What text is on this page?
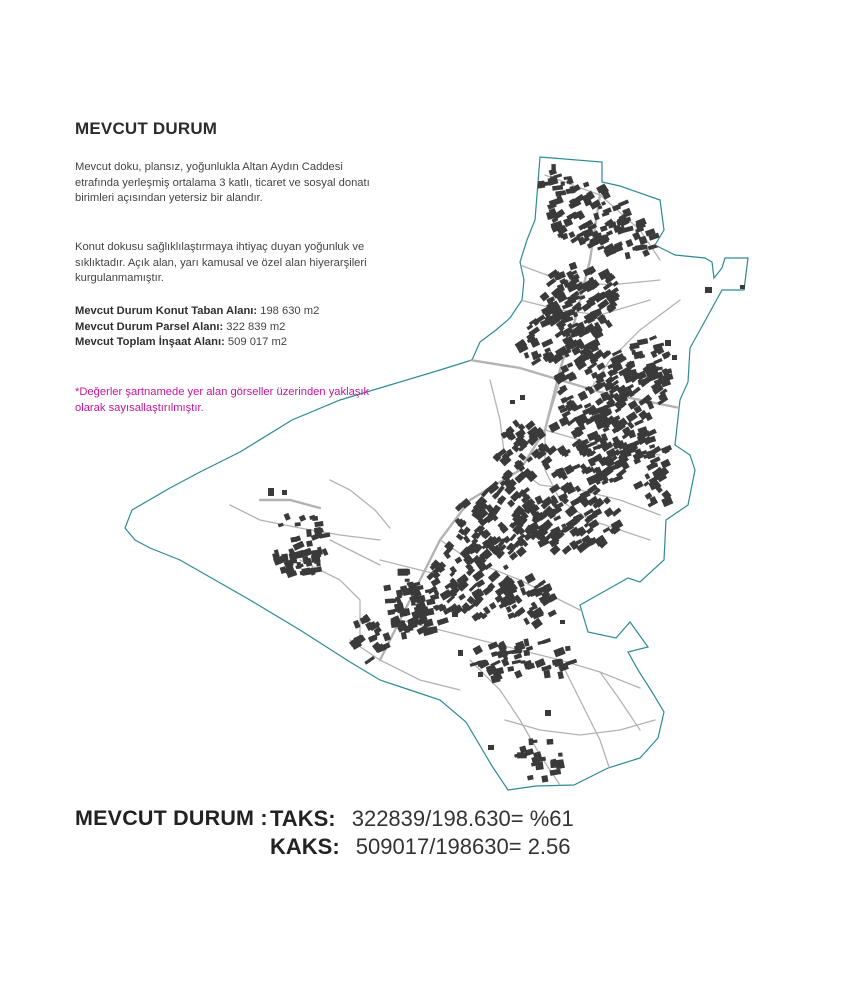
MEVCUT DURUM

Mevcut doku, plansız, yoğunlukla Altan Aydın Caddesi etrafında yerleşmiş ortalama 3 katlı, ticaret ve sosyal donatı birimleri açısından yetersiz bir alandır.

Konut dokusu sağlıklılaştırmaya ihtiyaç duyan yoğunluk ve sıklıktadır. Açık alan, yarı kamusal ve özel alan hiyerarşileri kurgulanmamıştır.

Mevcut Durum Konut Taban Alanı: 198 630 m2
Mevcut Durum Parsel Alanı: 322 839 m2
Mevcut Toplam İnşaat Alanı: 509 017 m2

*Değerler şartnamede yer alan görseller üzerinden yaklaşık olarak sayısallaştırılmıştır.

MEVCUT DURUM : TAKS: 322839/198.630= %61
KAKS: 509017/198630= 2.56
